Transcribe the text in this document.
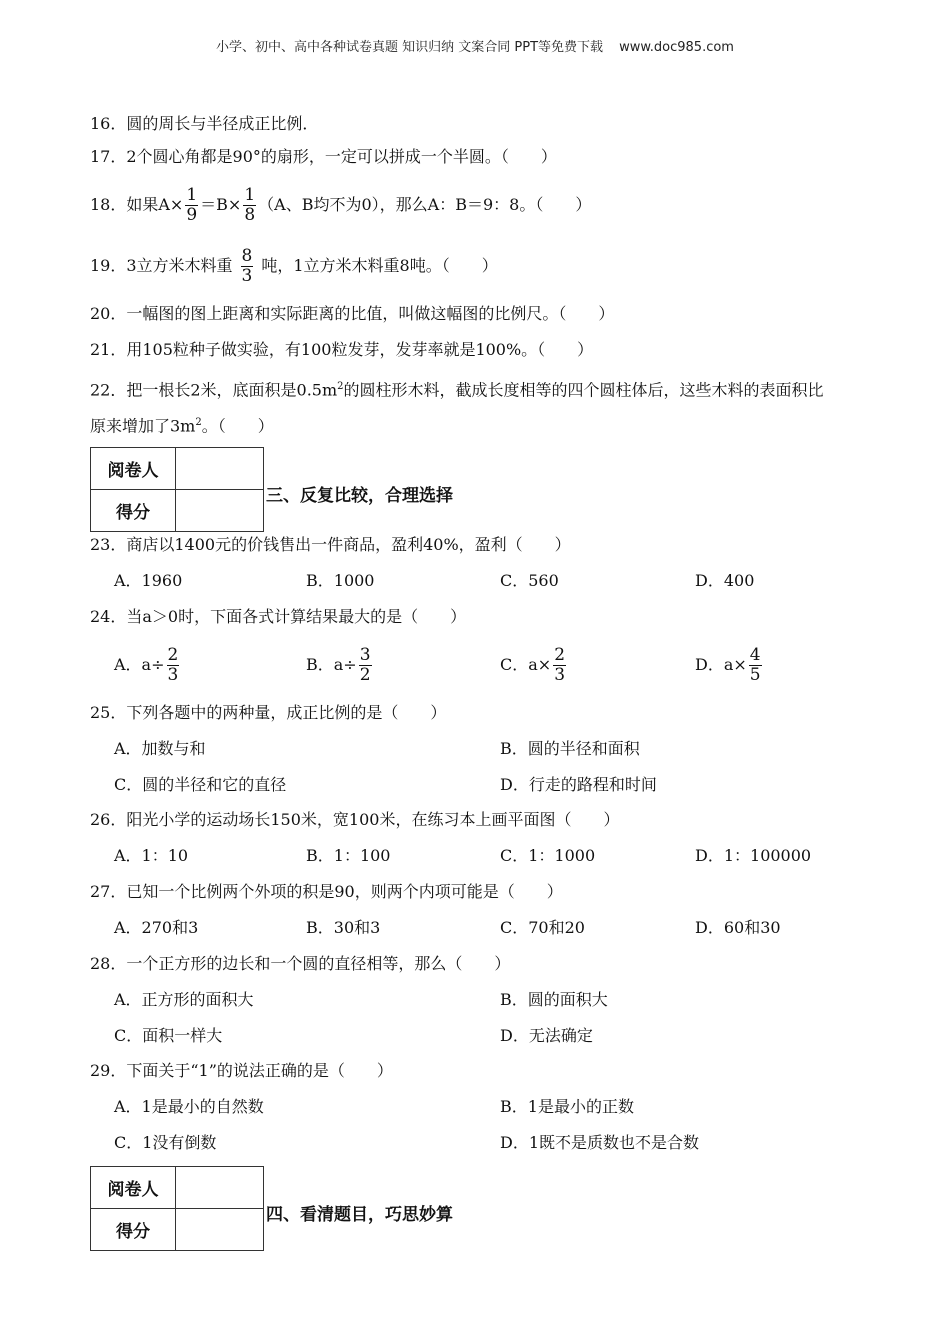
小学、初中、高中各种试卷真题 知识归纳 文案合同 PPT等免费下载 www.doc985.com
16．圆的周长与半径成正比例．
17．2个圆心角都是90°的扇形，一定可以拼成一个半圆。（　　）
18．如果$A\times \frac{1}{9} =B\times \frac{1}{8} (A$、B均不为0），那么A：B＝9：8。（　　）
19．3立方米木料重 $\frac{8}{3}$ 吨，1立方米木料重8吨。（　　）
20．一幅图的图上距离和实际距离的比值，叫做这幅图的比例尺。（　　）
21．用105粒种子做实验，有100粒发芽，发芽率就是100%。（　　）
22．把一根长2米，底面积是$0.5m^2$的圆柱形木料，截成长度相等的四个圆柱体后，这些木料的表面积比
原来增加了$3m^2$。（　　）
阅卷人	
得分	
三、反复比较，合理选择
23．商店以1400元的价钱售出一件商品，盈利40%，盈利（　　）
A．1960	B．1000	C．560	D．400
24．当a＞0时，下面各式计算结果最大的是（　　）
A．$a\div \frac{2}{3}$	B．$a\div \frac{3}{2}$	C．$a\times \frac{2}{3}$	D．$a\times \frac{4}{5}$
25．下列各题中的两种量，成正比例的是（　　）
A．加数与和	B．圆的半径和面积
C．圆的半径和它的直径	D．行走的路程和时间
26．阳光小学的运动场长150米，宽100米，在练习本上画平面图（　　）
A．1：10	B．1：100	C．1：1000	D．1：100000
27．已知一个比例两个外项的积是90，则两个内项可能是（　　）
A．270和3	B．30和3	C．70和20	D．60和30
28．一个正方形的边长和一个圆的直径相等，那么（　　）
A．正方形的面积大	B．圆的面积大
C．面积一样大	D．无法确定
29．下面关于“1”的说法正确的是（　　）
A．1是最小的自然数	B．1是最小的正数
C．1没有倒数	D．1既不是质数也不是合数
阅卷人	
得分	
四、看清题目，巧思妙算
